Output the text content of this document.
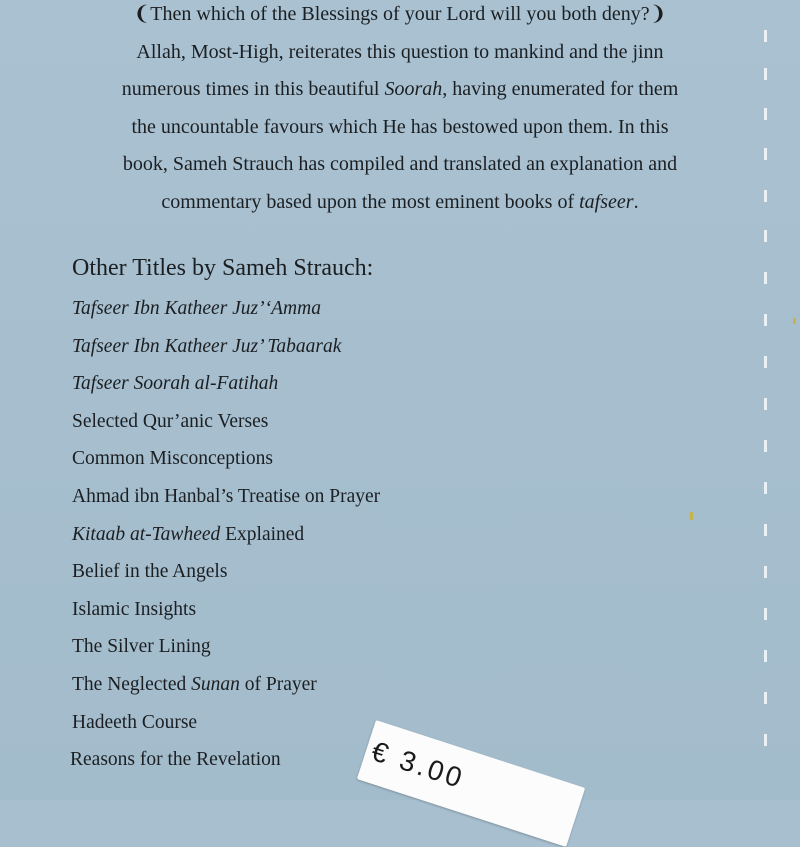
❨Then which of the Blessings of your Lord will you both deny?❩

Allah, Most-High, reiterates this question to mankind and the jinn

numerous times in this beautiful Soorah, having enumerated for them

the uncountable favours which He has bestowed upon them. In this

book, Sameh Strauch has compiled and translated an explanation and

commentary based upon the most eminent books of tafseer.

Other Titles by Sameh Strauch:
Tafseer Ibn Katheer Juz’‘Amma
Tafseer Ibn Katheer Juz’ Tabaarak
Tafseer Soorah al-Fatihah
Selected Qur’anic Verses
Common Misconceptions
Ahmad ibn Hanbal’s Treatise on Prayer
Kitaab at-Tawheed Explained
Belief in the Angels
Islamic Insights
The Silver Lining
The Neglected Sunan of Prayer
Hadeeth Course
Reasons for the Revelation	€ 3.00
